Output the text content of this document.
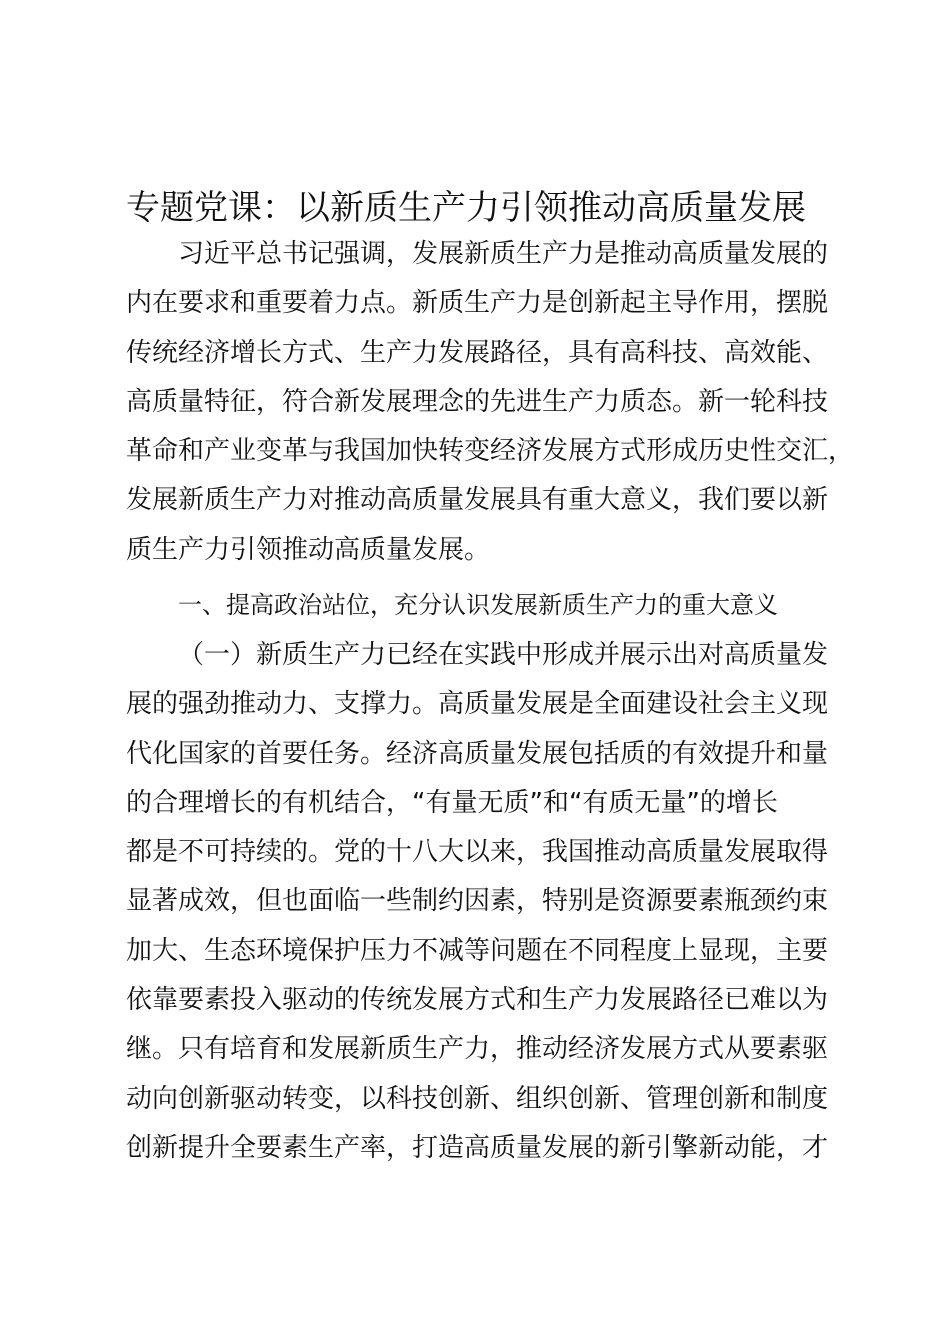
专题党课：以新质生产力引领推动高质量发展
习近平总书记强调，发展新质生产力是推动高质量发展的
内在要求和重要着力点。新质生产力是创新起主导作用，摆脱
传统经济增长方式、生产力发展路径，具有高科技、高效能、
高质量特征，符合新发展理念的先进生产力质态。新一轮科技
革命和产业变革与我国加快转变经济发展方式形成历史性交汇，
发展新质生产力对推动高质量发展具有重大意义，我们要以新
质生产力引领推动高质量发展。
一、提高政治站位，充分认识发展新质生产力的重大意义
（一）新质生产力已经在实践中形成并展示出对高质量发
展的强劲推动力、支撑力。高质量发展是全面建设社会主义现
代化国家的首要任务。经济高质量发展包括质的有效提升和量
的合理增长的有机结合，“有量无质”和“有质无量”的增长
都是不可持续的。党的十八大以来，我国推动高质量发展取得
显著成效，但也面临一些制约因素，特别是资源要素瓶颈约束
加大、生态环境保护压力不减等问题在不同程度上显现，主要
依靠要素投入驱动的传统发展方式和生产力发展路径已难以为
继。只有培育和发展新质生产力，推动经济发展方式从要素驱
动向创新驱动转变，以科技创新、组织创新、管理创新和制度
创新提升全要素生产率，打造高质量发展的新引擎新动能，才
